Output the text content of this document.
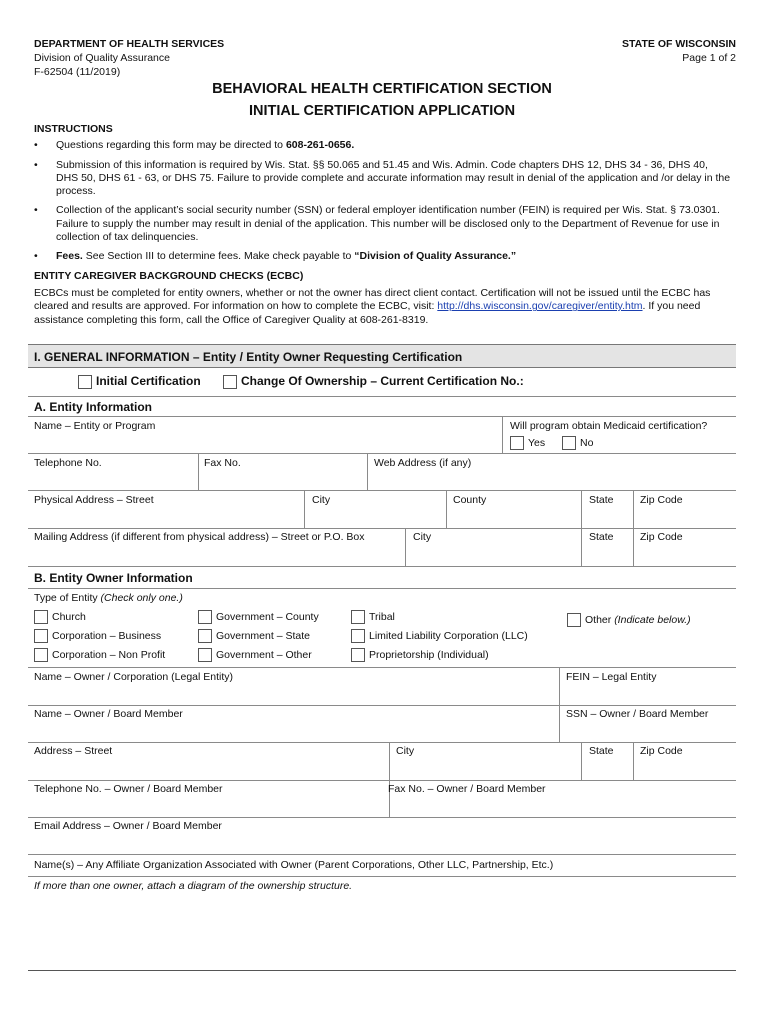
DEPARTMENT OF HEALTH SERVICES
Division of Quality Assurance
F-62504 (11/2019)
STATE OF WISCONSIN
Page 1 of 2
BEHAVIORAL HEALTH CERTIFICATION SECTION
INITIAL CERTIFICATION APPLICATION
INSTRUCTIONS
• Questions regarding this form may be directed to 608-261-0656.
• Submission of this information is required by Wis. Stat. §§ 50.065 and 51.45 and Wis. Admin. Code chapters DHS 12, DHS 34 - 36, DHS 40, DHS 50, DHS 61 - 63, or DHS 75. Failure to provide complete and accurate information may result in denial of the application and /or delay in the process.
• Collection of the applicant’s social security number (SSN) or federal employer identification number (FEIN) is required per Wis. Stat. § 73.0301. Failure to supply the number may result in denial of the application. This number will be disclosed only to the Department of Revenue for use in collection of tax delinquencies.
• Fees. See Section III to determine fees. Make check payable to “Division of Quality Assurance.”
ENTITY CAREGIVER BACKGROUND CHECKS (ECBC)
ECBCs must be completed for entity owners, whether or not the owner has direct client contact. Certification will not be issued until the ECBC has cleared and results are approved. For information on how to complete the ECBC, visit: http://dhs.wisconsin.gov/caregiver/entity.htm. If you need assistance completing this form, call the Office of Caregiver Quality at 608-261-8319.
I. GENERAL INFORMATION – Entity / Entity Owner Requesting Certification
Initial Certification	Change Of Ownership – Current Certification No.:
A. Entity Information
Name – Entity or Program	Will program obtain Medicaid certification?
Yes	No
Telephone No.	Fax No.	Web Address (if any)
Physical Address – Street	City	County	State	Zip Code
Mailing Address (if different from physical address) – Street or P.O. Box	City	State	Zip Code
B. Entity Owner Information
Type of Entity (Check only one.)
Church
Corporation – Business
Corporation – Non Profit
Government – County
Government – State
Government – Other
Tribal
Limited Liability Corporation (LLC)
Proprietorship (Individual)
Other (Indicate below.)
Name – Owner / Corporation (Legal Entity)	FEIN – Legal Entity
Name – Owner / Board Member	SSN – Owner / Board Member
Address – Street	City	State	Zip Code
Telephone No. – Owner / Board Member	Fax No. – Owner / Board Member
Email Address – Owner / Board Member
Name(s) – Any Affiliate Organization Associated with Owner (Parent Corporations, Other LLC, Partnership, Etc.)
If more than one owner, attach a diagram of the ownership structure.
